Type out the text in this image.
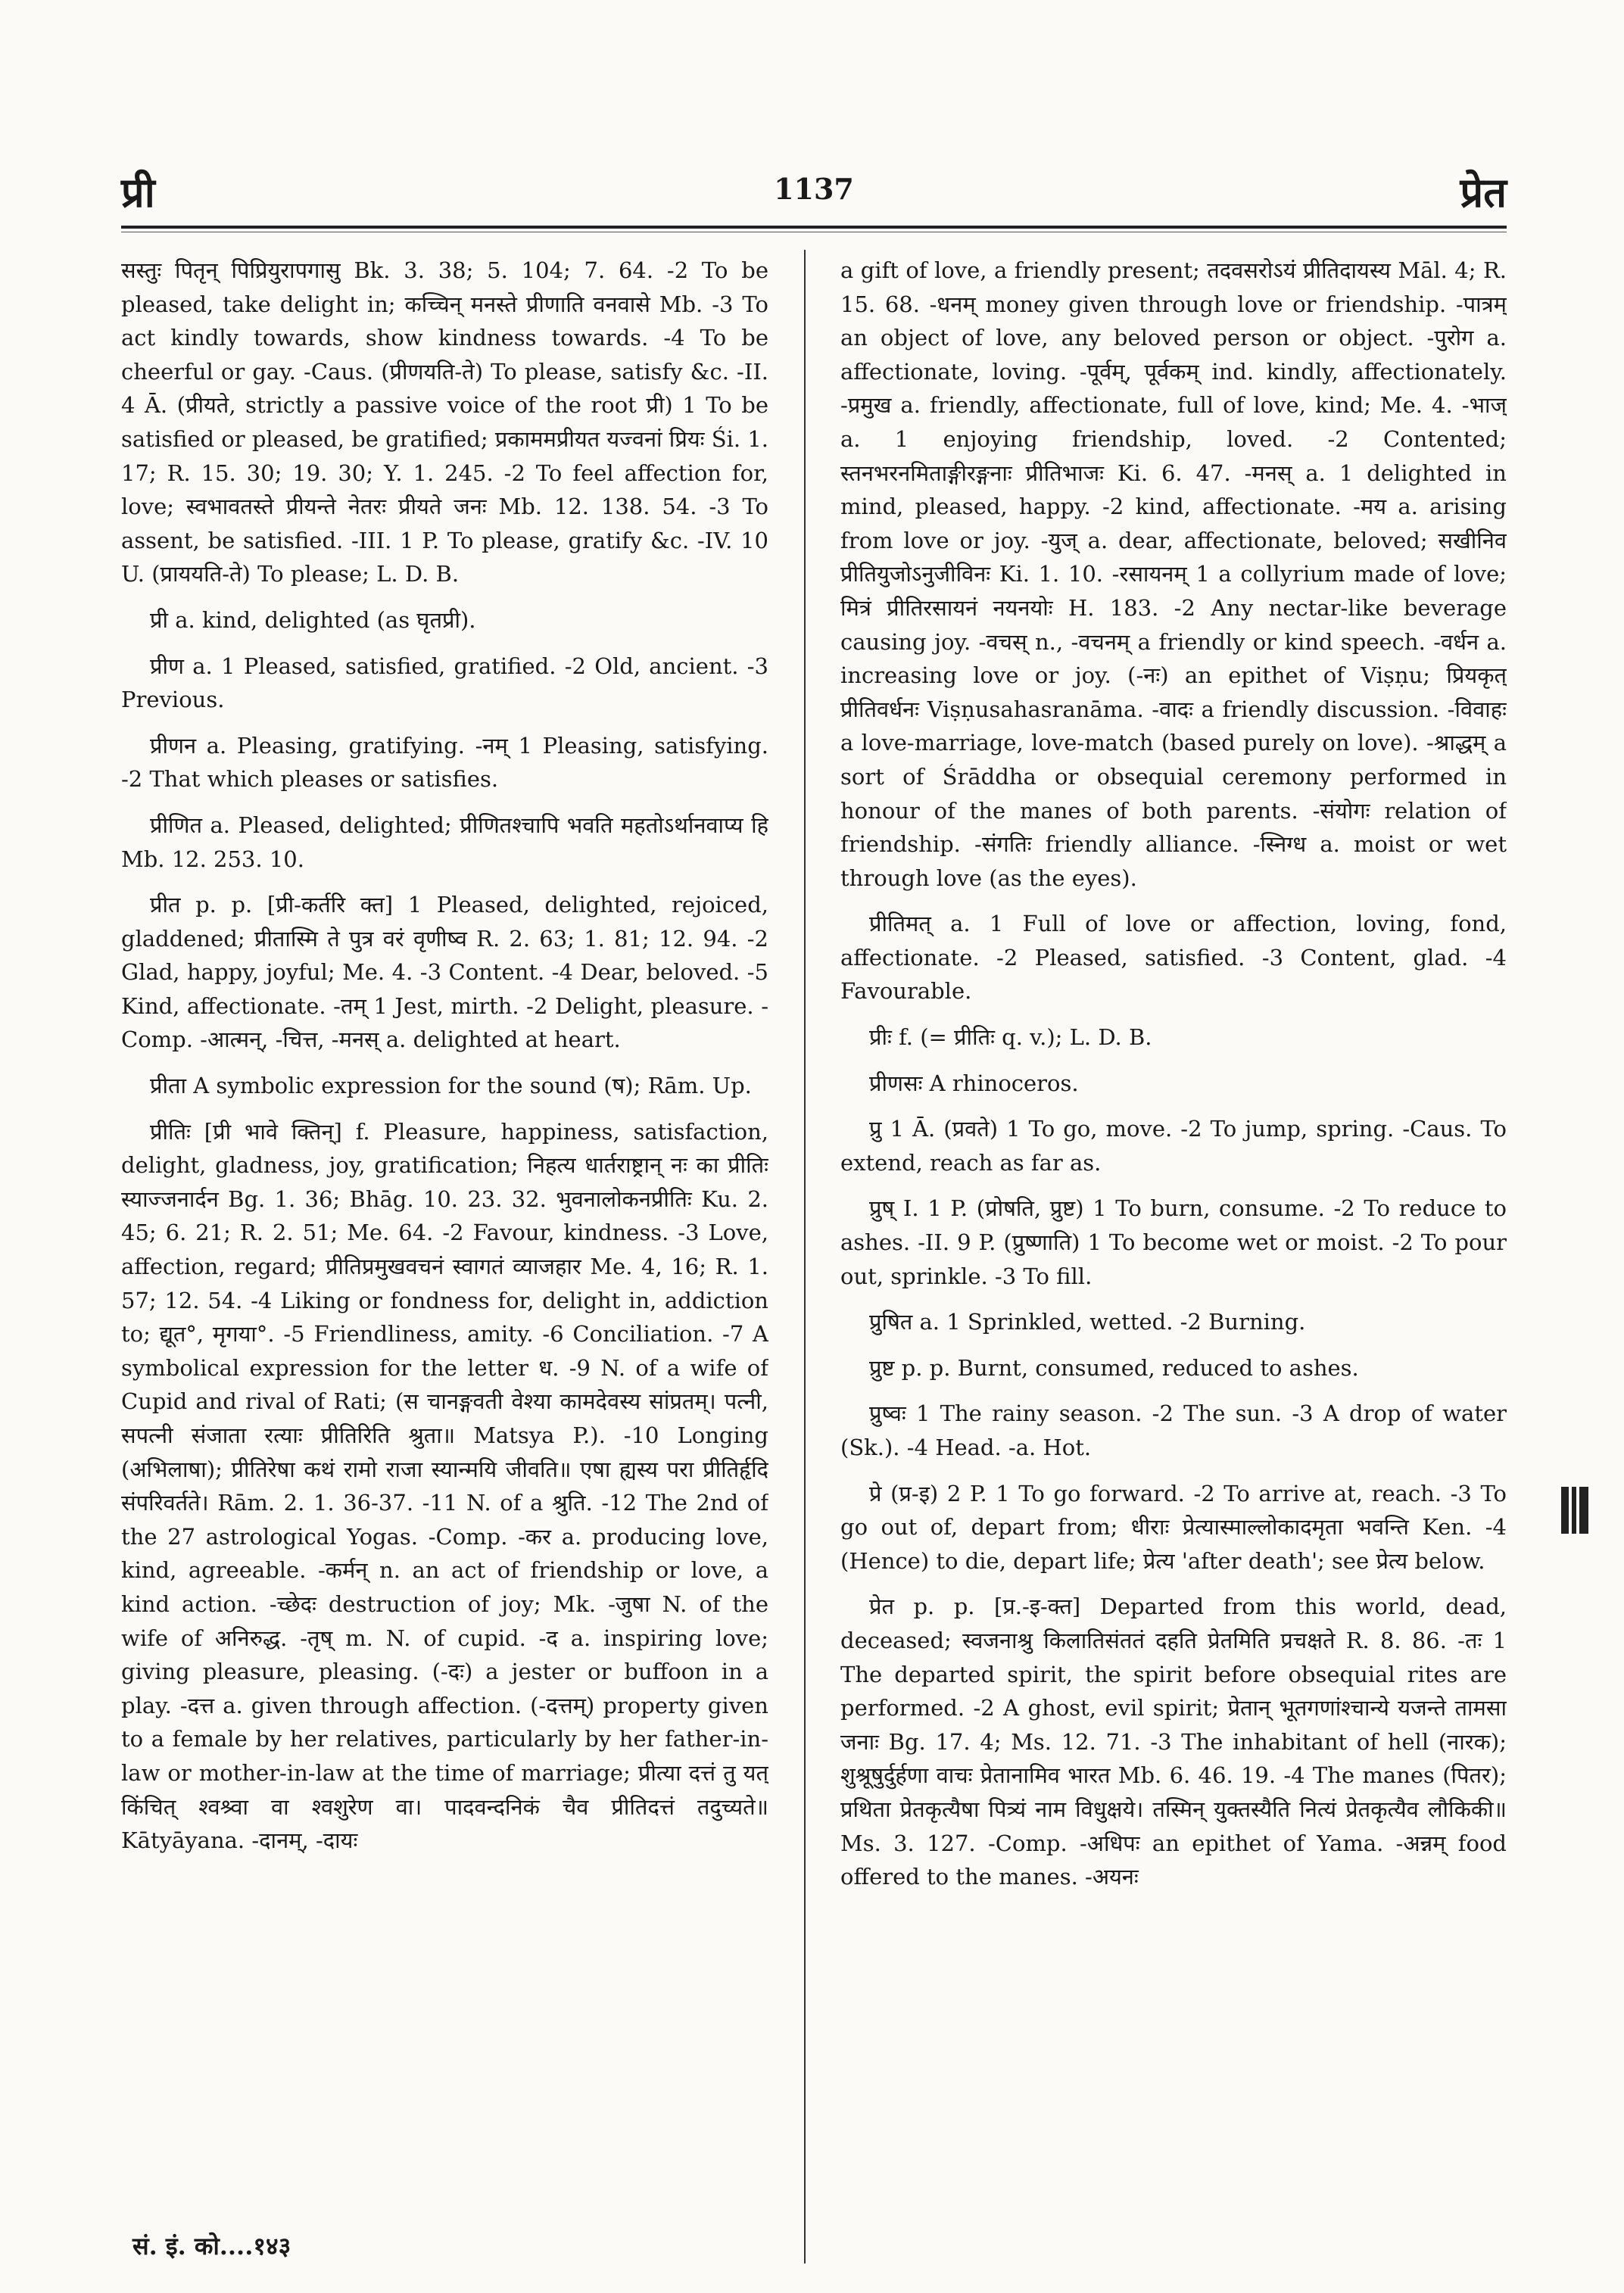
प्री	1137	प्रेत

सस्तुः पितृन् पिप्रियुरापगासु Bk. 3. 38; 5. 104; 7. 64. -2 To be pleased, take delight in; कच्चिन् मनस्ते प्रीणाति वनवासे Mb. -3 To act kindly towards, show kindness towards. -4 To be cheerful or gay. -Caus. (प्रीणयति-ते) To please, satisfy &c. -II. 4 Ā. (प्रीयते, strictly a passive voice of the root प्री) 1 To be satisfied or pleased, be gratified; प्रकाममप्रीयत यज्वनां प्रियः Śi. 1. 17; R. 15. 30; 19. 30; Y. 1. 245. -2 To feel affection for, love; स्वभावतस्ते प्रीयन्ते नेतरः प्रीयते जनः Mb. 12. 138. 54. -3 To assent, be satisfied. -III. 1 P. To please, gratify &c. -IV. 10 U. (प्राययति-ते) To please; L. D. B.

प्री a. kind, delighted (as घृतप्री).

प्रीण a. 1 Pleased, satisfied, gratified. -2 Old, ancient. -3 Previous.

प्रीणन a. Pleasing, gratifying. -नम् 1 Pleasing, satisfying. -2 That which pleases or satisfies.

प्रीणित a. Pleased, delighted; प्रीणितश्चापि भवति महतोऽर्थानवाप्य हि Mb. 12. 253. 10.

प्रीत p. p. [प्री-कर्तरि क्त] 1 Pleased, delighted, rejoiced, gladdened; प्रीतास्मि ते पुत्र वरं वृणीष्व R. 2. 63; 1. 81; 12. 94. -2 Glad, happy, joyful; Me. 4. -3 Content. -4 Dear, beloved. -5 Kind, affectionate. -तम् 1 Jest, mirth. -2 Delight, pleasure. -Comp. -आत्मन्, -चित्त, -मनस् a. delighted at heart.

प्रीता A symbolic expression for the sound (ष); Rām. Up.

प्रीतिः [प्री भावे क्तिन्] f. Pleasure, happiness, satisfaction, delight, gladness, joy, gratification; निहत्य धार्तराष्ट्रान् नः का प्रीतिः स्याज्जनार्दन Bg. 1. 36; Bhāg. 10. 23. 32. भुवनालोकनप्रीतिः Ku. 2. 45; 6. 21; R. 2. 51; Me. 64. -2 Favour, kindness. -3 Love, affection, regard; प्रीतिप्रमुखवचनं स्वागतं व्याजहार Me. 4, 16; R. 1. 57; 12. 54. -4 Liking or fondness for, delight in, addiction to; द्यूत°, मृगया°. -5 Friendliness, amity. -6 Conciliation. -7 A symbolical expression for the letter ध. -9 N. of a wife of Cupid and rival of Rati; (स चानङ्गवती वेश्या कामदेवस्य सांप्रतम्। पत्नी, सपत्नी संजाता रत्याः प्रीतिरिति श्रुता॥ Matsya P.). -10 Longing (अभिलाषा); प्रीतिरेषा कथं रामो राजा स्यान्मयि जीवति॥ एषा ह्यस्य परा प्रीतिर्हृदि संपरिवर्तते। Rām. 2. 1. 36-37. -11 N. of a श्रुति. -12 The 2nd of the 27 astrological Yogas. -Comp. -कर a. producing love, kind, agreeable. -कर्मन् n. an act of friendship or love, a kind action. -च्छेदः destruction of joy; Mk. -जुषा N. of the wife of अनिरुद्ध. -तृष् m. N. of cupid. -द a. inspiring love; giving pleasure, pleasing. (-दः) a jester or buffoon in a play. -दत्त a. given through affection. (-दत्तम्) property given to a female by her relatives, particularly by her father-in-law or mother-in-law at the time of marriage; प्रीत्या दत्तं तु यत् किंचित् श्वश्र्वा वा श्वशुरेण वा। पादवन्दनिकं चैव प्रीतिदत्तं तदुच्यते॥ Kātyāyana. -दानम्, -दायः

a gift of love, a friendly present; तदवसरोऽयं प्रीतिदायस्य Māl. 4; R. 15. 68. -धनम् money given through love or friendship. -पात्रम् an object of love, any beloved person or object. -पुरोग a. affectionate, loving. -पूर्वम्, पूर्वकम् ind. kindly, affectionately. -प्रमुख a. friendly, affectionate, full of love, kind; Me. 4. -भाज् a. 1 enjoying friendship, loved. -2 Contented; स्तनभरनमिताङ्गीरङ्गनाः प्रीतिभाजः Ki. 6. 47. -मनस् a. 1 delighted in mind, pleased, happy. -2 kind, affectionate. -मय a. arising from love or joy. -युज् a. dear, affectionate, beloved; सखीनिव प्रीतियुजोऽनुजीविनः Ki. 1. 10. -रसायनम् 1 a collyrium made of love; मित्रं प्रीतिरसायनं नयनयोः H. 183. -2 Any nectar-like beverage causing joy. -वचस् n., -वचनम् a friendly or kind speech. -वर्धन a. increasing love or joy. (-नः) an epithet of Viṣṇu; प्रियकृत् प्रीतिवर्धनः Viṣṇusahasranāma. -वादः a friendly discussion. -विवाहः a love-marriage, love-match (based purely on love). -श्राद्धम् a sort of Śrāddha or obsequial ceremony performed in honour of the manes of both parents. -संयोगः relation of friendship. -संगतिः friendly alliance. -स्निग्ध a. moist or wet through love (as the eyes).

प्रीतिमत् a. 1 Full of love or affection, loving, fond, affectionate. -2 Pleased, satisfied. -3 Content, glad. -4 Favourable.

प्रीः f. (= प्रीतिः q. v.); L. D. B.

प्रीणसः A rhinoceros.

प्रु 1 Ā. (प्रवते) 1 To go, move. -2 To jump, spring. -Caus. To extend, reach as far as.

प्रुष् I. 1 P. (प्रोषति, प्रुष्ट) 1 To burn, consume. -2 To reduce to ashes. -II. 9 P. (प्रुष्णाति) 1 To become wet or moist. -2 To pour out, sprinkle. -3 To fill.

प्रुषित a. 1 Sprinkled, wetted. -2 Burning.

प्रुष्ट p. p. Burnt, consumed, reduced to ashes.

प्रुष्वः 1 The rainy season. -2 The sun. -3 A drop of water (Sk.). -4 Head. -a. Hot.

प्रे (प्र-इ) 2 P. 1 To go forward. -2 To arrive at, reach. -3 To go out of, depart from; धीराः प्रेत्यास्माल्लोकादमृता भवन्ति Ken. -4 (Hence) to die, depart life; प्रेत्य 'after death'; see प्रेत्य below.

प्रेत p. p. [प्र.-इ-क्त] Departed from this world, dead, deceased; स्वजनाश्रु किलातिसंततं दहति प्रेतमिति प्रचक्षते R. 8. 86. -तः 1 The departed spirit, the spirit before obsequial rites are performed. -2 A ghost, evil spirit; प्रेतान् भूतगणांश्चान्ये यजन्ते तामसा जनाः Bg. 17. 4; Ms. 12. 71. -3 The inhabitant of hell (नारक); शुश्रूषुर्दुर्हणा वाचः प्रेतानामिव भारत Mb. 6. 46. 19. -4 The manes (पितर); प्रथिता प्रेतकृत्यैषा पित्र्यं नाम विधुक्षये। तस्मिन् युक्तस्यैति नित्यं प्रेतकृत्यैव लौकिकी॥ Ms. 3. 127. -Comp. -अधिपः an epithet of Yama. -अन्नम् food offered to the manes. -अयनः

सं. इं. को....१४३
